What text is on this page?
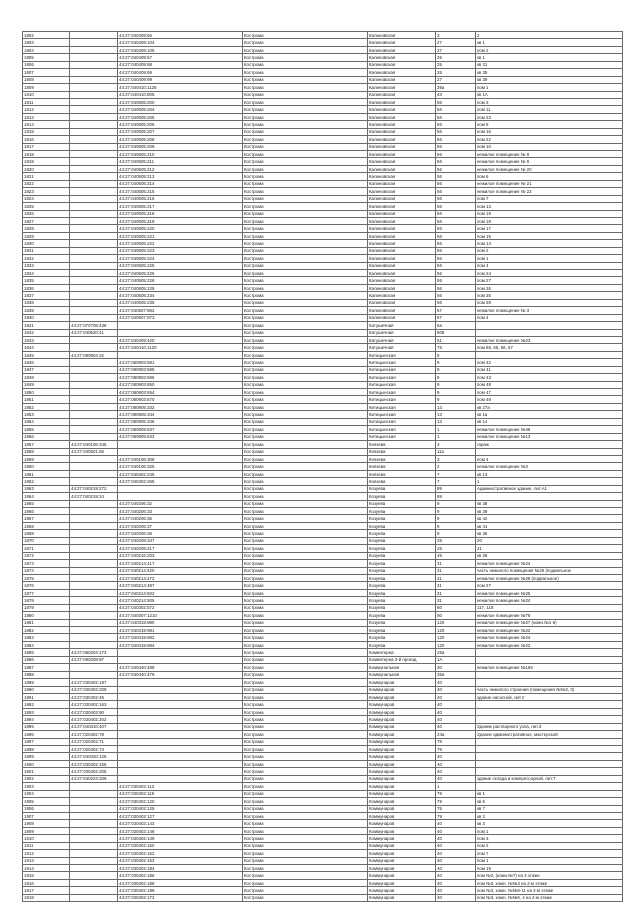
1802		44:27:040409:66	Кострома	Калиновская	3	2
1803		44:27:040409:104	Кострома	Калиновская	27	кв 1
1804		44:27:040409:105	Кострома	Калиновская	27	пом 2
1805		44:27:040409:67	Кострома	Калиновская	25	кв 1
1806		44:27:040409:68	Кострома	Калиновская	25	кв 31
1807		44:27:040409:69	Кострома	Калиновская	25	кв 35
1808		44:27:040409:99	Кострома	Калиновская	27	кв 39
1809		44:27:040410:1126	Кострома	Калиновская	39а	пом 1
1810		44:27:040410:805	Кострома	Калиновская	43	кв 1А
1811		44:27:040505:200	Кострома	Калиновская	56	пом 3
1812		44:27:040505:204	Кострома	Калиновская	56	пом 11
1813		44:27:040505:205	Кострома	Калиновская	56	пом 23
1814		44:27:040505:206	Кострома	Калиновская	56	пом 5
1815		44:27:040505:207	Кострома	Калиновская	56	пом 16
1816		44:27:040505:208	Кострома	Калиновская	56	пом 22
1817		44:27:040505:209	Кострома	Калиновская	56	пом 10
1818		44:27:040505:210	Кострома	Калиновская	56	нежилое помещение № 8
1819		44:27:040505:211	Кострома	Калиновская	56	нежилое помещение № 9
1820		44:27:040505:212	Кострома	Калиновская	56	нежилое помещение № 20
1821		44:27:040505:213	Кострома	Калиновская	56	пом 6
1822		44:27:040505:214	Кострома	Калиновская	56	нежилое помещение № 21
1823		44:27:040505:215	Кострома	Калиновская	56	нежилое помещение № 22
1824		44:27:040505:216	Кострома	Калиновская	56	пом 7
1825		44:27:040505:217	Кострома	Калиновская	56	пом 13
1826		44:27:040505:218	Кострома	Калиновская	56	пом 19
1827		44:27:040505:219	Кострома	Калиновская	56	пом 18
1828		44:27:040505:220	Кострома	Калиновская	56	пом 17
1829		44:27:040505:221	Кострома	Калиновская	56	пом 15
1830		44:27:040505:222	Кострома	Калиновская	56	пом 14
1831		44:27:040505:223	Кострома	Калиновская	56	пом 2
1832		44:27:040505:224	Кострома	Калиновская	56	пом 1
1833		44:27:040505:225	Кострома	Калиновская	56	пом 4
1834		44:27:040505:226	Кострома	Калиновская	56	пом 24
1835		44:27:040505:228	Кострома	Калиновская	56	пом 27
1836		44:27:040505:229	Кострома	Калиновская	56	пом 26
1837		44:27:040505:234	Кострома	Калиновская	56	пом 25
1838		44:27:040505:235	Кострома	Калиновская	56	пом 28
1839		44:27:040507:962	Кострома	Калиновская	57	нежилое помещение № 3
1840		44:27:040507:973	Кострома	Калиновская	57	пом 4
1841	44:27:070708:438		Кострома	Катушечная	8а	
1842	44:27:040620:41		Кострома	Катушечная	808	
1843		44:27:040409:420	Кострома	Катушечная	51	нежилое помещение №23
1844		44:27:040410:1120	Кострома	Катушечная	75	пом 65, 65, 66, 67
1845	44:27:080904:32		Кострома	Китицынская	6	
1846		44:27:080903:581	Кострома	Китицынская	9	пом 42
1847		44:27:080903:585	Кострома	Китицынская	9	пом 41
1848		44:27:080903:596	Кострома	Китицынская	9	пом 43
1849		44:27:080903:650	Кострома	Китицынская	9	пом 48
1850		44:27:080903:654	Кострома	Китицынская	9	пом 47
1851		44:27:080903:670	Кострома	Китицынская	9	пом 49
1852		44:27:080905:332	Кострома	Китицынская	13	кв 27а
1853		44:27:080905:344	Кострома	Китицынская	13	кв 1а
1854		44:27:080905:346	Кострома	Китицынская	13	кв 14
1855		44:27:080909:837	Кострома	Китицынская	1	нежилое помещение №46
1856		44:27:080909:633	Кострома	Китицынская	1	нежилое помещение №13
1857	44:27:040106:345		Кострома	Князева	3	гараж
1858	44:27:040501:56		Кострома	Князева	11а	
1859		44:27:040106:308	Кострома	Князева	3	пом 4
1860		44:27:040106:325	Кострома	Князева	2	нежилое помещение №3
1861		44:27:040402:245	Кострома	Князева	7	кв 13
1862		44:27:040402:265	Кострома	Князева	7	1
1863	44:27:040219:272		Кострома	Козуева	89	Административное здание, лит.А1
1864	44:27:040219:24		Кострома	Козуева	89	
1865		44:27:040206:32	Кострома	Козуева	9	кв 38
1866		44:27:040206:33	Кострома	Козуева	9	кв 39
1867		44:27:040206:36	Кострома	Козуева	9	кв 42
1868		44:27:040206:37	Кострома	Козуева	9	кв 41
1869		44:27:040206:38	Кострома	Козуева	9	кв 35
1870		44:27:040208:347	Кострома	Козуева	25	20
1871		44:27:040208:217	Кострома	Козуева	25	21
1872		44:27:040216:203	Кострома	Козуева	45	кв 28
1873		44:27:040214:417	Кострома	Козуева	31	нежилое помещение №24
1874		44:27:040214:420	Кострома	Козуева	31	часть нежилого помещения №26 (подвальное
1875		44:27:040214:472	Кострома	Козуева	31	нежилое помещение №28 (подвальное)
1876		44:27:040214:487	Кострома	Козуева	31	пом 27
1877		44:27:040214:502	Кострома	Козуева	31	нежилое помещение №25
1878		44:27:040214:505	Кострома	Козуева	31	нежилое помещение №24
1879		44:27:040302:572	Кострома	Козуева	80	117, 118
1880		44:27:040307:1210	Кострома	Козуева	90	нежилое помещение №78
1881		44:27:040319:980	Кострома	Козуева	120	нежилое помещение №27 (комн.№1-6)
1882		44:27:040319:981	Кострома	Козуева	120	нежилое помещение №22
1883		44:27:040319:982	Кострома	Козуева	120	нежилое помещение №24
1884		44:27:040319:984	Кострома	Козуева	120	нежилое помещение №22
1885	44:27:080204:173		Кострома	Коминтерна	25а	
1886	44:27:090208:87		Кострома	Коминтерна 2-й проезд	1А	
1887		44:27:040440:489	Кострома	Коммунальная	30	нежилое помещение №165
1888		44:27:040440:479	Кострома	Коммунальная	35а	
1889	44:27:030402:197		Кострома	Коммунаров	40	
1890	44:27:030402:209		Кострома	Коммунаров	40	часть нежилого строения (помещения №№2, 3)
1891	44:27:030402:46		Кострома	Коммунаров	40	здание насосной, лит.У
1892	44:27:030402:163		Кострома	Коммунаров	40	
1893	44:27:030402:90		Кострома	Коммунаров	40	
1894	44:27:030402:202		Кострома	Коммунаров	40	
1895	44:27:040310:407		Кострома	Коммунаров	40	Здание растворного узла, лит.3
1896	44:27:020402:78		Кострома	Коммунаров	24а	Здание административное, мастерской
1897	44:27:020402:71		Кострома	Коммунаров	79	
1898	44:27:020402:73		Кострома	Коммунаров	79	
1899	44:27:040320:126		Кострома	Коммунаров	40	
1900	44:27:030402:155		Кострома	Коммунаров	40	
1901	44:27:030402:205		Кострома	Коммунаров	40	
1902	44:27:040224:339		Кострома	Коммунаров	40	здание склада и компрессорной, лит.Т
1903		44:27:030402:113	Кострома	Коммунаров	1	
1904		44:27:030402:119	Кострома	Коммунаров	79	кв 1
1905		44:27:030402:120	Кострома	Коммунаров	79	кв 6
1906		44:27:030402:125	Кострома	Коммунаров	75	кв 7
1907		44:27:030402:127	Кострома	Коммунаров	79	кв 2
1908		44:27:030402:143	Кострома	Коммунаров	40	кв 3
1909		44:27:030402:148	Кострома	Коммунаров	40	пом 1
1910		44:27:030402:149	Кострома	Коммунаров	40	пом 3
1911		44:27:030402:150	Кострома	Коммунаров	40	пом 2
1912		44:27:030402:152	Кострома	Коммунаров	40	пом 7
1913		44:27:030402:153	Кострома	Коммунаров	40	пом 1
1914		44:27:030402:184	Кострома	Коммунаров	40	пом 19
1915		44:27:030402:186	Кострома	Коммунаров	40	пом №2, (комн.№7) на 3 этаже
1916		44:27:030402:188	Кострома	Коммунаров	40	пом №3, комн. №№3 на 2-м этаже
1917		44:27:030402:189	Кострома	Коммунаров	40	пом №3, комн. №№8-11 на 2-м этаже
1918		44:27:030402:172	Кострома	Коммунаров	40	пом №3, комн. №№6, 4 на 2-м этаже
